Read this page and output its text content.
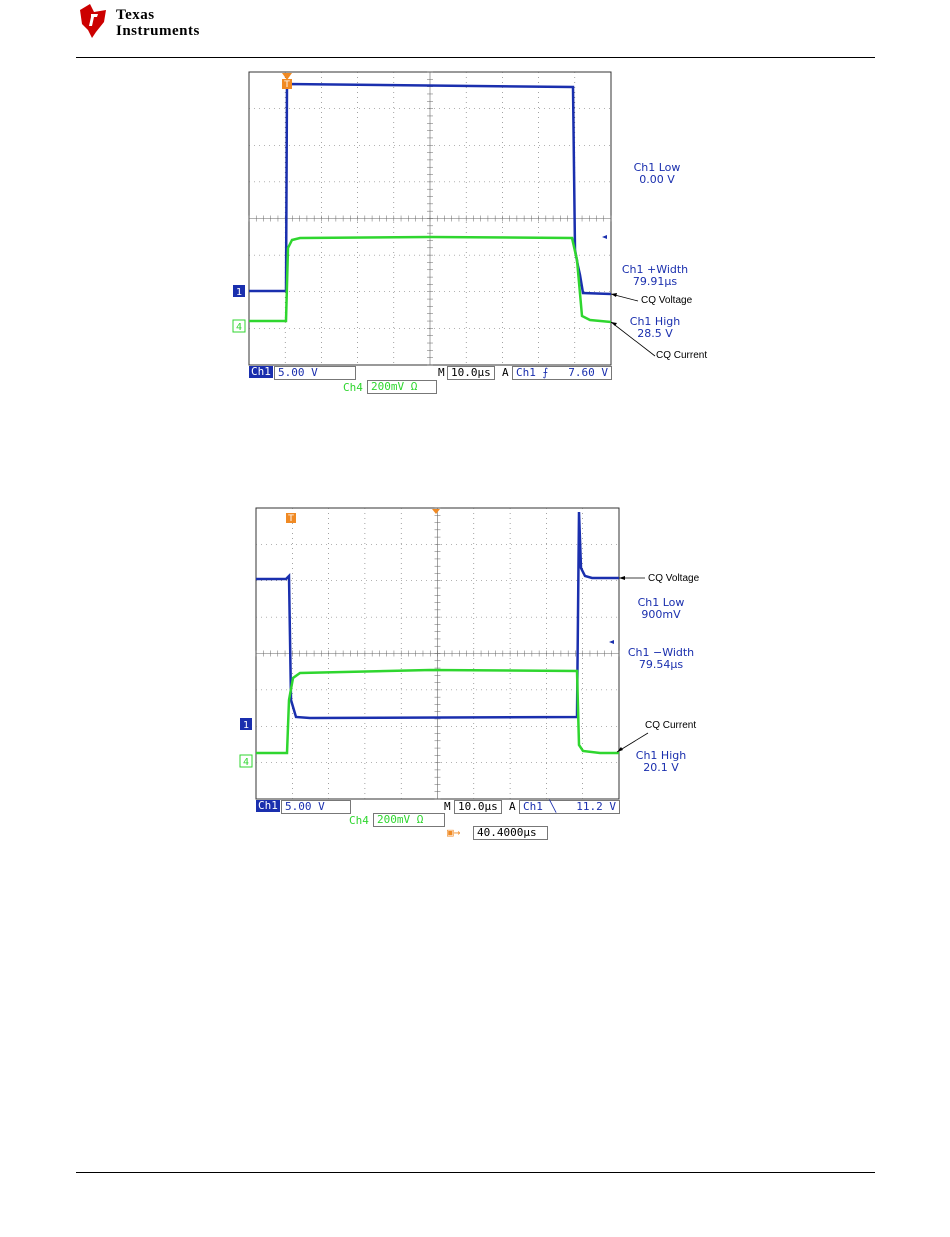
Texas
Instruments
T
1
4
Ch1 5.00 V	M 10.0µs	A Ch1 ⨍ 7.60 V
Ch4 200mV Ω
Ch1 Low
0.00 V
Ch1 +Width
79.91µs
Ch1 High
28.5 V
CQ Voltage
CQ Current
T
1
4
Ch1 5.00 V	M 10.0µs	A Ch1 ╲ 11.2 V
Ch4 200mV Ω
▣→	40.4000µs
Ch1 Low
900mV
Ch1 −Width
79.54µs
Ch1 High
20.1 V
CQ Voltage
CQ Current
